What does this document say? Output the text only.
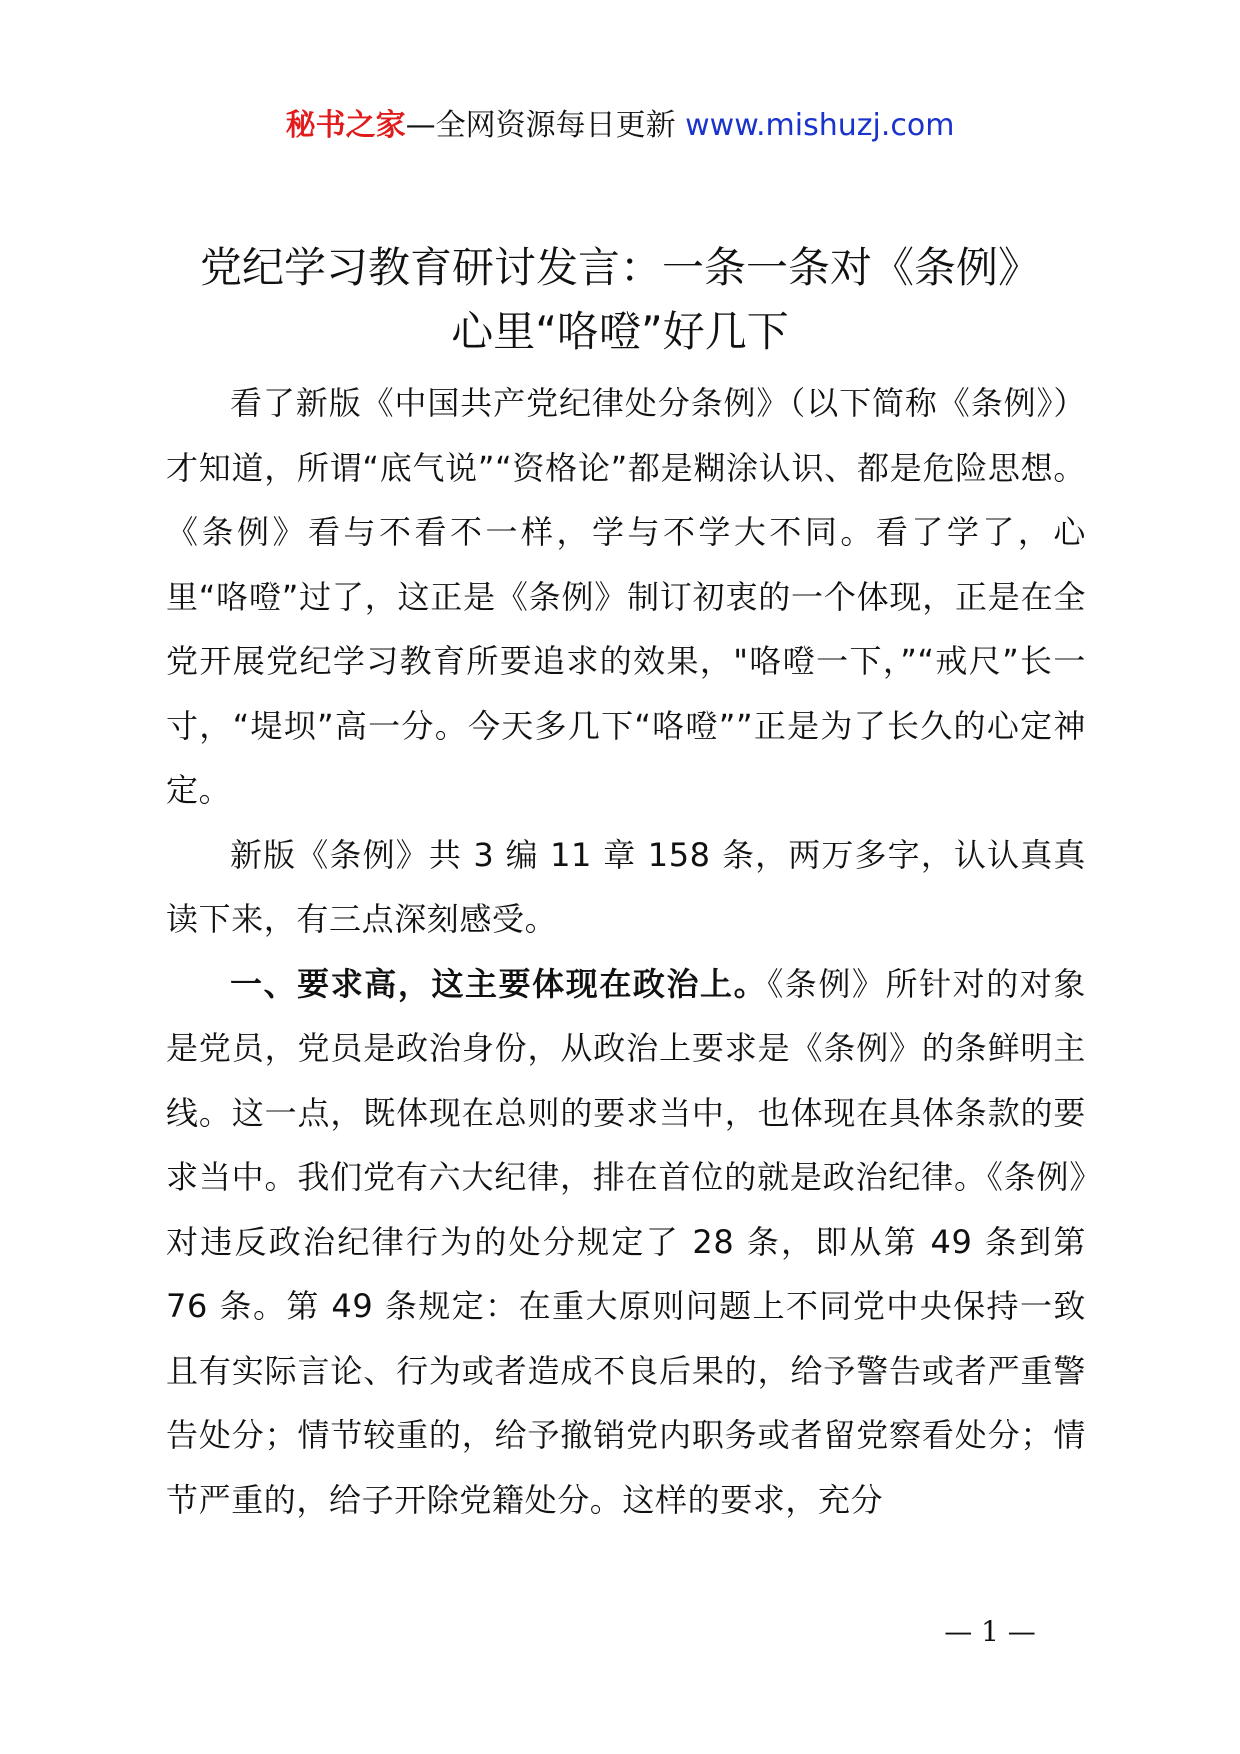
秘书之家—全网资源每日更新 www.mishuzj.com
党纪学习教育研讨发言：一条一条对《条例》
心里“咯噔”好几下

看了新版《中国共产党纪律处分条例》（以下简称《条例》）才知道，所谓“底气说”“资格论”都是糊涂认识、都是危险思想。《条例》看与不看不一样，学与不学大不同。看了学了，心里“咯噔”过了，这正是《条例》制订初衷的一个体现，正是在全党开展党纪学习教育所要追求的效果，"咯噔一下，”“戒尺”长一寸，“堤坝”高一分。今天多几下“咯噔””正是为了长久的心定神定。

新版《条例》共 3 编 11 章 158 条，两万多字，认认真真读下来，有三点深刻感受。

一、要求高，这主要体现在政治上。《条例》所针对的对象是党员，党员是政治身份，从政治上要求是《条例》的条鲜明主线。这一点，既体现在总则的要求当中，也体现在具体条款的要求当中。我们党有六大纪律，排在首位的就是政治纪律。《条例》对违反政治纪律行为的处分规定了 28 条，即从第 49 条到第 76 条。第 49 条规定：在重大原则问题上不同党中央保持一致且有实际言论、行为或者造成不良后果的，给予警告或者严重警告处分；情节较重的，给予撤销党内职务或者留党察看处分；情节严重的，给子开除党籍处分。这样的要求，充分

— 1 —
